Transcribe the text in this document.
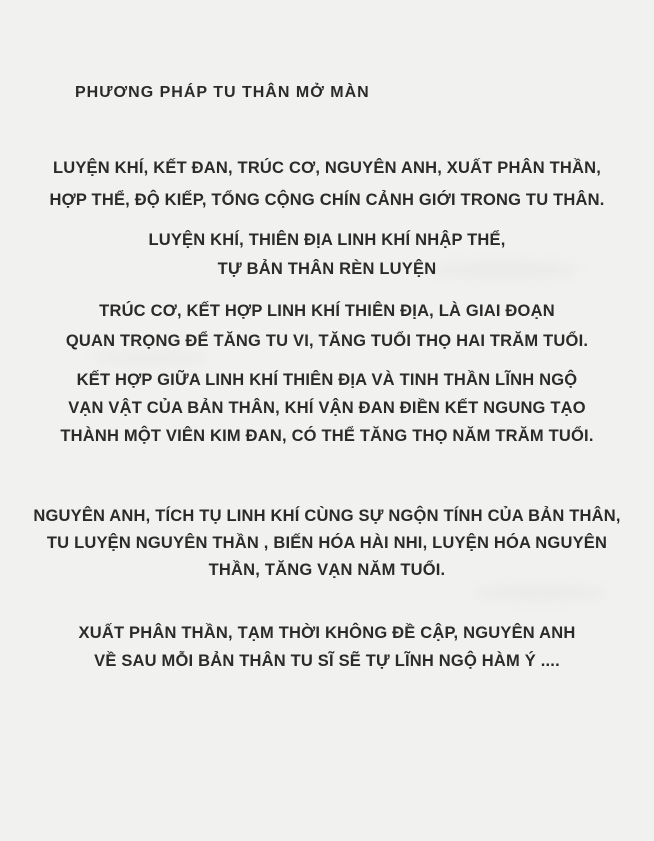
PHƯƠNG PHÁP TU THÂN MỞ MÀN
LUYỆN KHÍ, KẾT ĐAN, TRÚC CƠ, NGUYÊN ANH, XUẤT PHÂN THẦN,
HỢP THỂ, ĐỘ KIẾP, TỔNG CỘNG CHÍN CẢNH GIỚI TRONG TU THÂN.
LUYỆN KHÍ, THIÊN ĐỊA LINH KHÍ NHẬP THỂ,
TỰ BẢN THÂN RÈN LUYỆN
TRÚC CƠ, KẾT HỢP LINH KHÍ THIÊN ĐỊA, LÀ GIAI ĐOẠN
QUAN TRỌNG ĐỂ TĂNG TU VI, TĂNG TUỔI THỌ HAI TRĂM TUỔI.
KẾT HỢP GIỮA LINH KHÍ THIÊN ĐỊA VÀ TINH THẦN LĨNH NGỘ
VẠN VẬT CỦA BẢN THÂN, KHÍ VẬN ĐAN ĐIỀN KẾT NGUNG TẠO
THÀNH MỘT VIÊN KIM ĐAN, CÓ THỂ TĂNG THỌ NĂM TRĂM TUỔI.
NGUYÊN ANH, TÍCH TỤ LINH KHÍ CÙNG SỰ NGỘN TÍNH CỦA BẢN THÂN,
TU LUYỆN NGUYÊN THẦN , BIẾN HÓA HÀI NHI, LUYỆN HÓA NGUYÊN
THẦN, TĂNG VẠN NĂM TUỔI.
XUẤT PHÂN THẦN, TẠM THỜI KHÔNG ĐỀ CẬP, NGUYÊN ANH
VỀ SAU MỖI BẢN THÂN TU SĨ SẼ TỰ LĨNH NGỘ HÀM Ý ....
